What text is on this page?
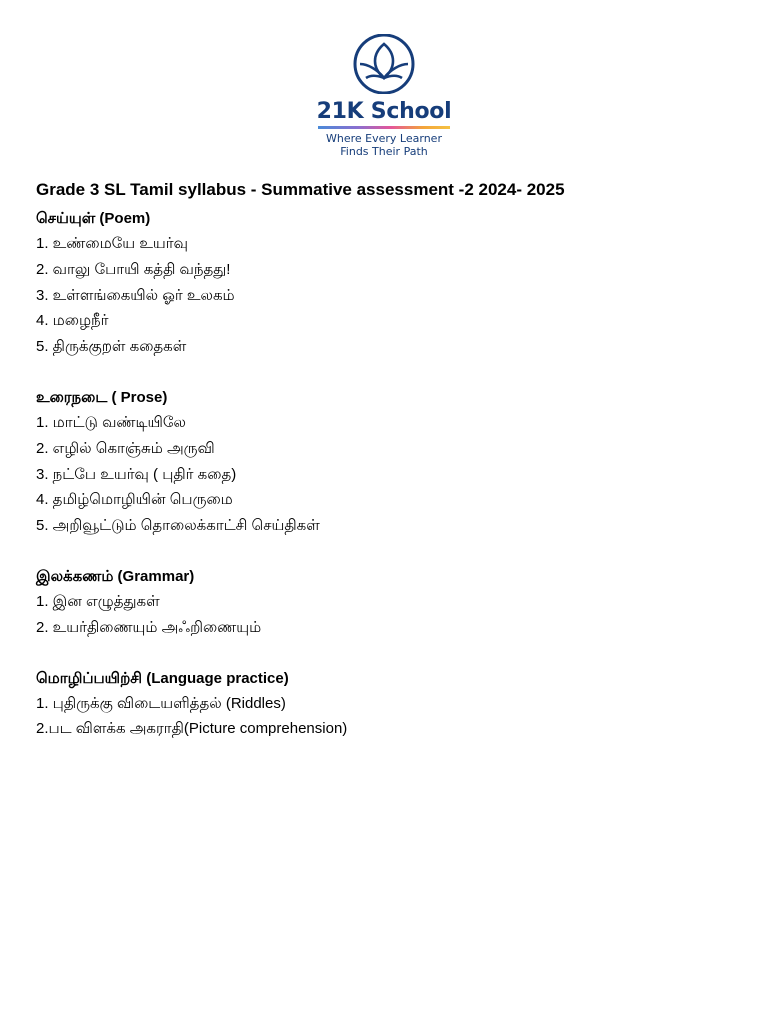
21K School
Where Every Learner
Finds Their Path
Grade 3 SL Tamil syllabus - Summative assessment -2 2024- 2025
செய்யுள் (Poem)
1. உண்மையே உயர்வு
2. வாலு போயி கத்தி வந்தது!
3. உள்ளங்கையில் ஓர் உலகம்
4. மழைநீர்
5. திருக்குறள் கதைகள்
உரைநடை ( Prose)
1. மாட்டு வண்டியிலே
2. எழில் கொஞ்சும் அருவி
3. நட்பே உயர்வு ( புதிர் கதை)
4. தமிழ்மொழியின் பெருமை
5. அறிவூட்டும் தொலைக்காட்சி செய்திகள்
இலக்கணம் (Grammar)
1. இன எழுத்துகள்
2. உயர்திணையும் அஃறிணையும்
மொழிப்பயிற்சி (Language practice)
1. புதிருக்கு விடையளித்தல் (Riddles)
2.பட விளக்க அகராதி(Picture comprehension)
